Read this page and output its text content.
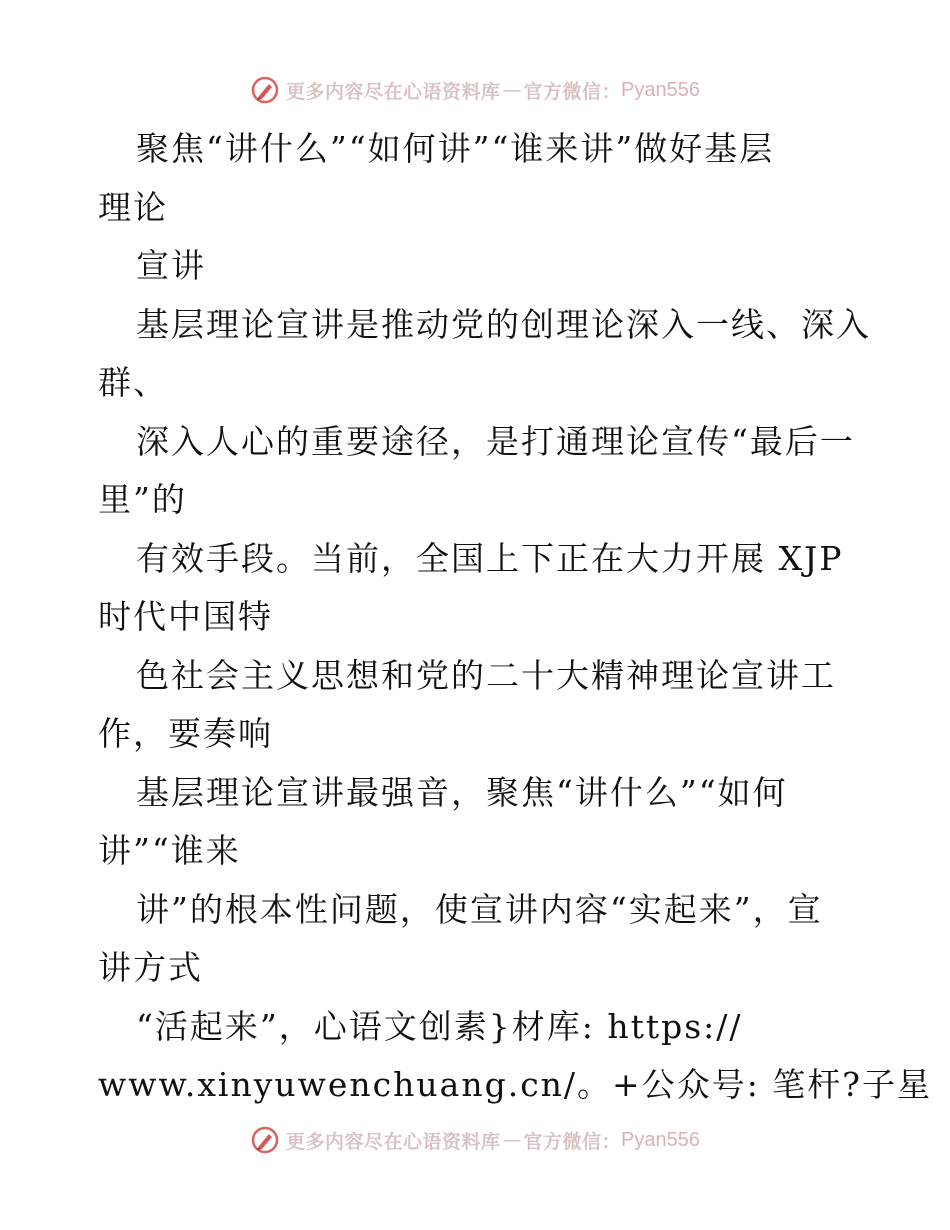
更多内容尽在心语资料库 — 官方微信： Pyan556
聚焦“讲什么”“如何讲”“谁来讲”做好基层
理论
宣讲
基层理论宣讲是推动党的创理论深入一线、深入
群、
深入人心的重要途径，是打通理论宣传“最后一
里”的
有效手段。当前，全国上下正在大力开展 XJP
时代中国特
色社会主义思想和党的二十大精神理论宣讲工
作，要奏响
基层理论宣讲最强音，聚焦“讲什么”“如何
讲”“谁来
讲”的根本性问题，使宣讲内容“实起来”，宣
讲方式
“活起来”，心语文创素}材库: https://
www.xinyuwenchuang.cn/。+公众号: 笔杆?子星
更多内容尽在心语资料库 — 官方微信： Pyan556
